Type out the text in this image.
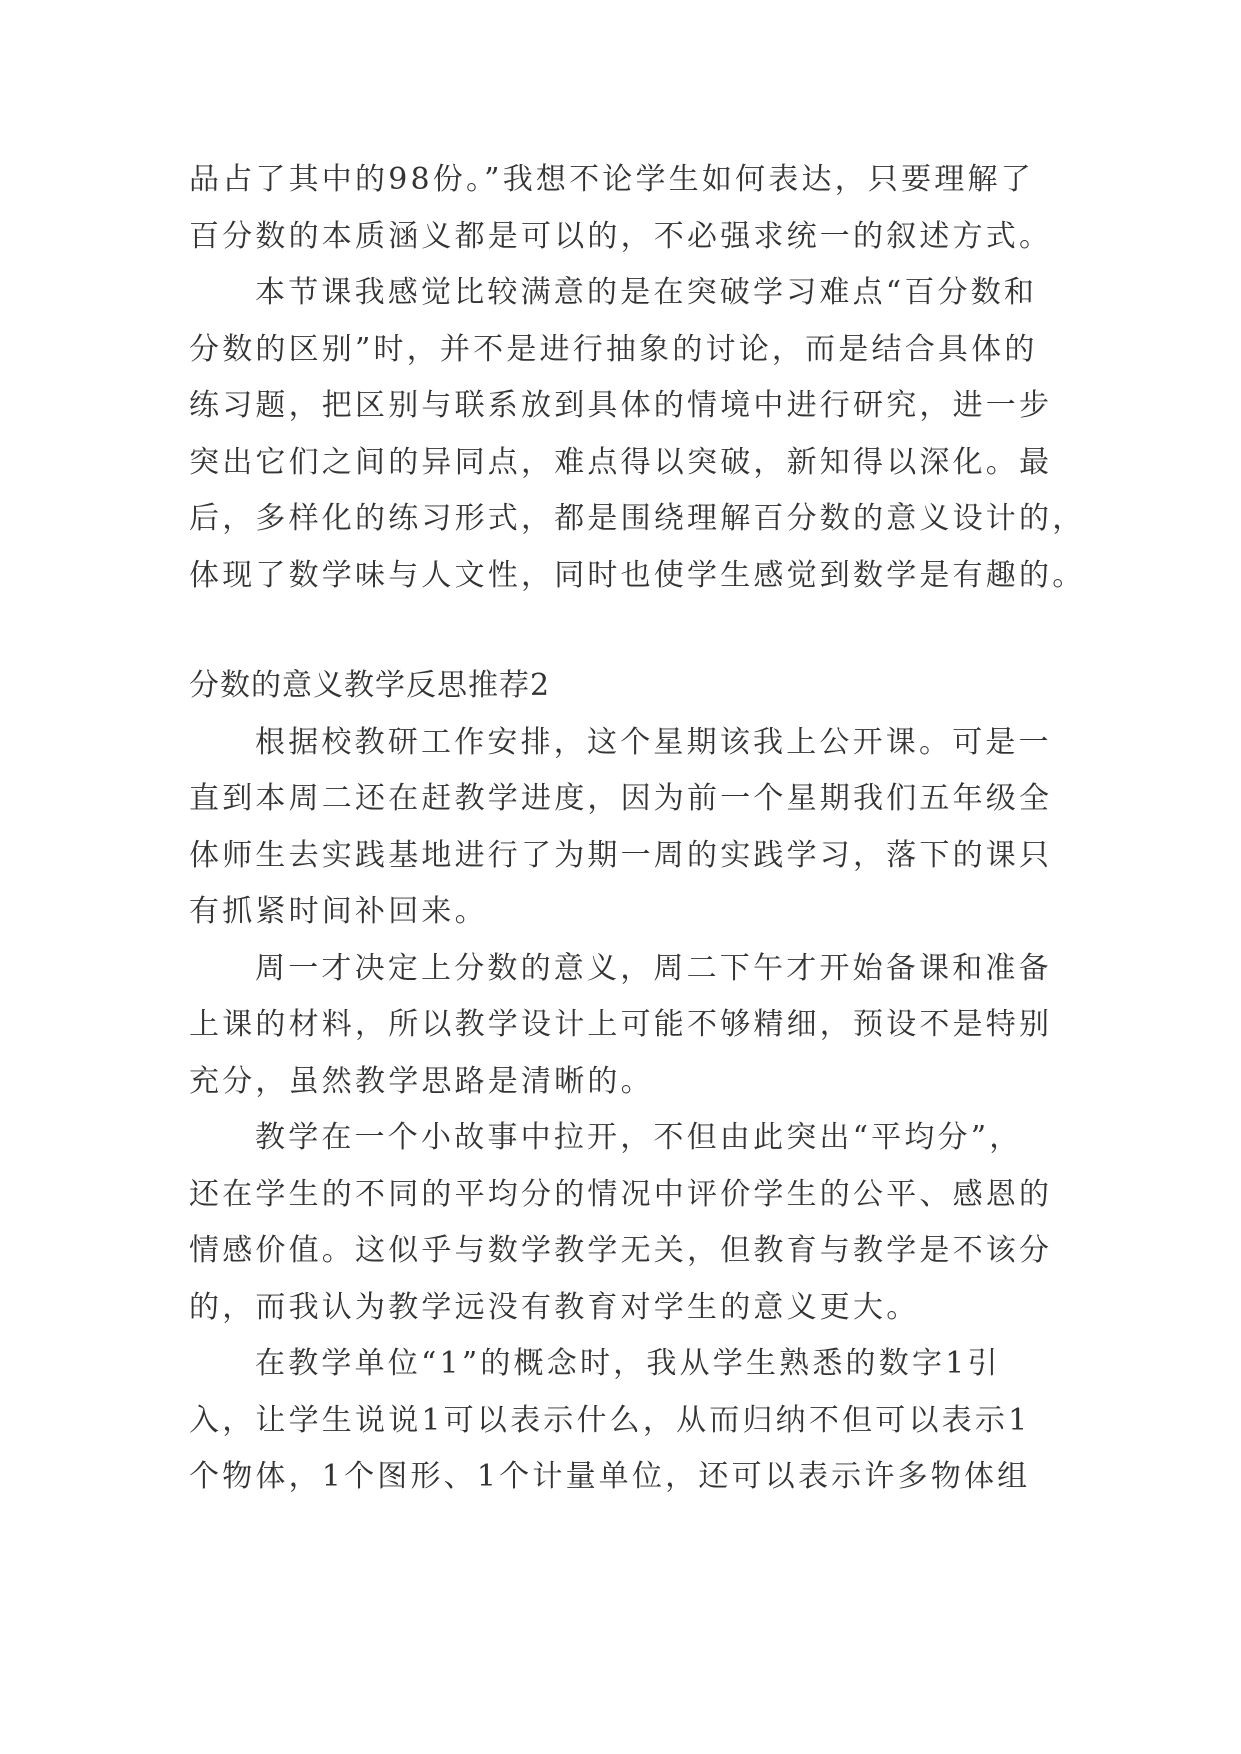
品占了其中的98份。”我想不论学生如何表达，只要理解了
百分数的本质涵义都是可以的，不必强求统一的叙述方式。
本节课我感觉比较满意的是在突破学习难点“百分数和
分数的区别”时，并不是进行抽象的讨论，而是结合具体的
练习题，把区别与联系放到具体的情境中进行研究，进一步
突出它们之间的异同点，难点得以突破，新知得以深化。最
后，多样化的练习形式，都是围绕理解百分数的意义设计的，
体现了数学味与人文性，同时也使学生感觉到数学是有趣的。
分数的意义教学反思推荐2
根据校教研工作安排，这个星期该我上公开课。可是一
直到本周二还在赶教学进度，因为前一个星期我们五年级全
体师生去实践基地进行了为期一周的实践学习，落下的课只
有抓紧时间补回来。
周一才决定上分数的意义，周二下午才开始备课和准备
上课的材料，所以教学设计上可能不够精细，预设不是特别
充分，虽然教学思路是清晰的。
教学在一个小故事中拉开，不但由此突出“平均分”，
还在学生的不同的平均分的情况中评价学生的公平、感恩的
情感价值。这似乎与数学教学无关，但教育与教学是不该分
的，而我认为教学远没有教育对学生的意义更大。
在教学单位“1”的概念时，我从学生熟悉的数字1引
入，让学生说说1可以表示什么，从而归纳不但可以表示1
个物体，1个图形、1个计量单位，还可以表示许多物体组
